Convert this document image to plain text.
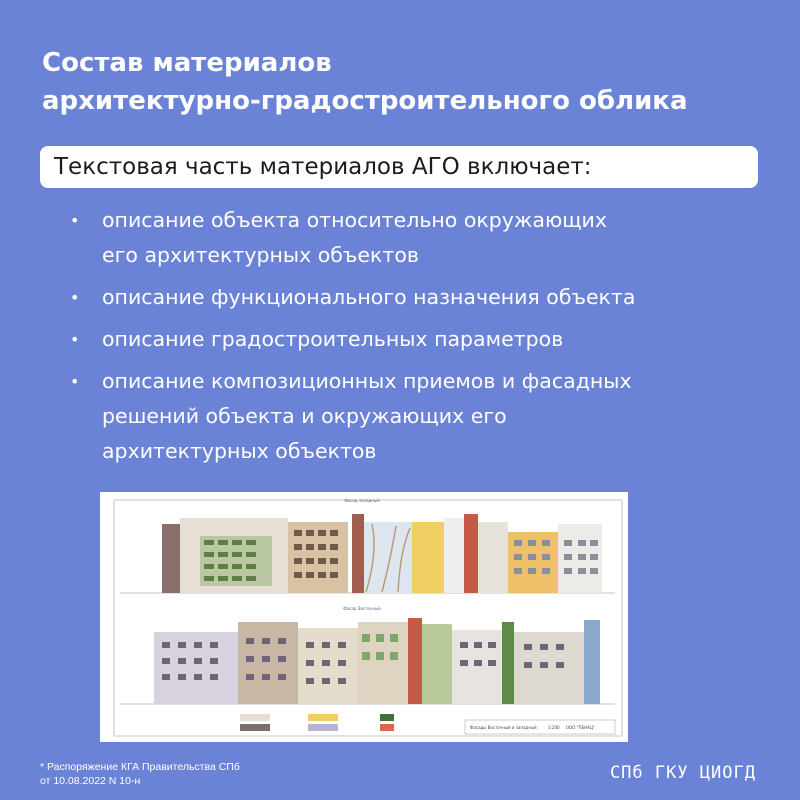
Состав материалов
архитектурно-градостроительного облика
Текстовая часть материалов АГО включает:
• описание объекта относительно окружающих
его архитектурных объектов
• описание функционального назначения объекта
• описание градостроительных параметров
• описание композиционных приемов и фасадных
решений объекта и окружающих его
архитектурных объектов
Фасад западный
Фасад Восточный
Фасады Восточный и западный	1:200 ООО "ПЕНАЦ"
* Распоряжение КГА Правительства СПб
от 10.08.2022 N 10-н	СПб ГКУ ЦИОГД
